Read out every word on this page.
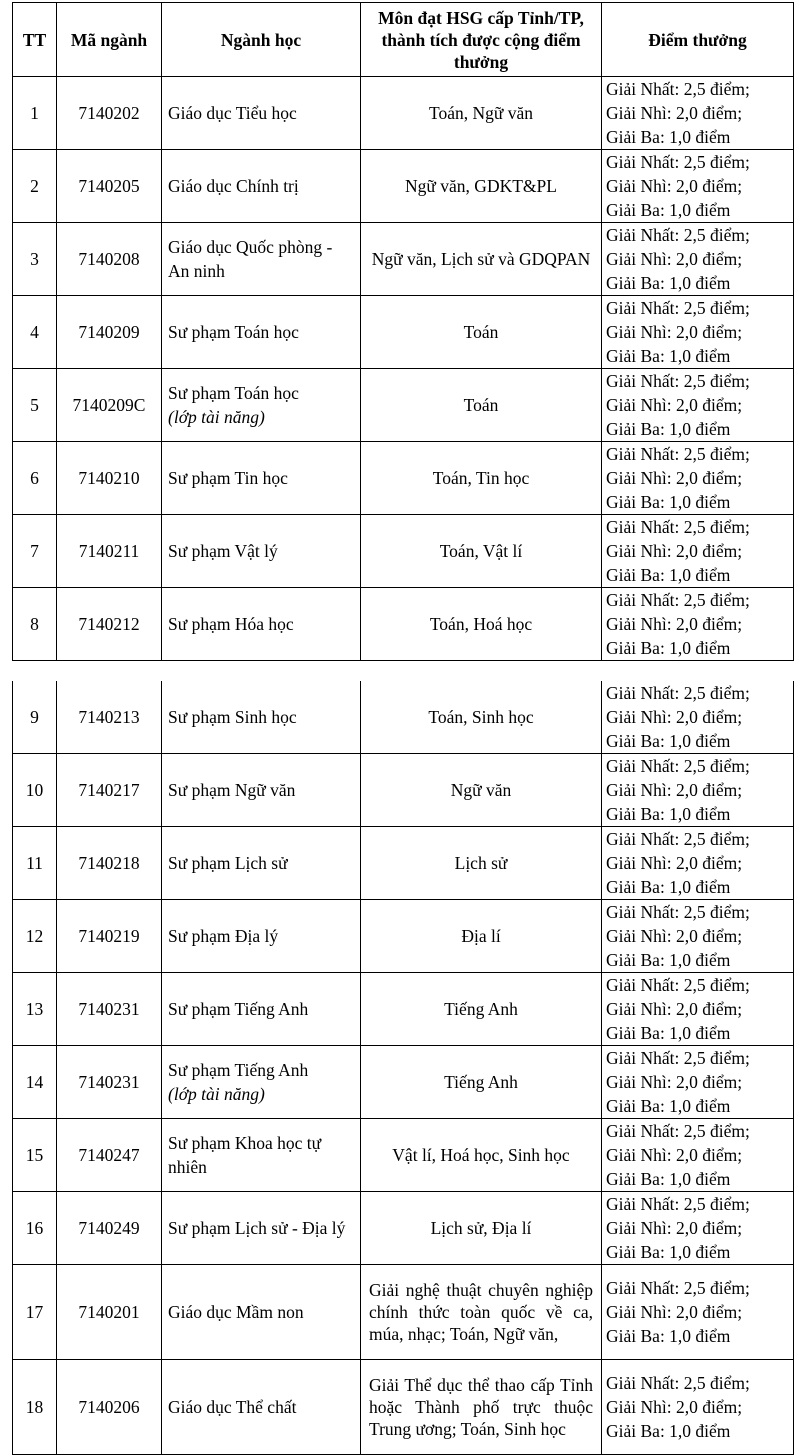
TT	Mã ngành	Ngành học	Môn đạt HSG cấp Tỉnh/TP, thành tích được cộng điểm thưởng	Điểm thưởng
1	7140202	Giáo dục Tiểu học	Toán, Ngữ văn	Giải Nhất: 2,5 điểm;
Giải Nhì: 2,0 điểm;
Giải Ba: 1,0 điểm

2	7140205	Giáo dục Chính trị	Ngữ văn, GDKT&PL	Giải Nhất: 2,5 điểm;
Giải Nhì: 2,0 điểm;
Giải Ba: 1,0 điểm

3	7140208	Giáo dục Quốc phòng - An ninh	Ngữ văn, Lịch sử và GDQPAN	Giải Nhất: 2,5 điểm;
Giải Nhì: 2,0 điểm;
Giải Ba: 1,0 điểm

4	7140209	Sư phạm Toán học	Toán	Giải Nhất: 2,5 điểm;
Giải Nhì: 2,0 điểm;
Giải Ba: 1,0 điểm

5	7140209C	Sư phạm Toán học
(lớp tài năng)	Toán	Giải Nhất: 2,5 điểm;
Giải Nhì: 2,0 điểm;
Giải Ba: 1,0 điểm

6	7140210	Sư phạm Tin học	Toán, Tin học	Giải Nhất: 2,5 điểm;
Giải Nhì: 2,0 điểm;
Giải Ba: 1,0 điểm

7	7140211	Sư phạm Vật lý	Toán, Vật lí	Giải Nhất: 2,5 điểm;
Giải Nhì: 2,0 điểm;
Giải Ba: 1,0 điểm

8	7140212	Sư phạm Hóa học	Toán, Hoá học	Giải Nhất: 2,5 điểm;
Giải Nhì: 2,0 điểm;
Giải Ba: 1,0 điểm
9	7140213	Sư phạm Sinh học	Toán, Sinh học	Giải Nhất: 2,5 điểm;
Giải Nhì: 2,0 điểm;
Giải Ba: 1,0 điểm

10	7140217	Sư phạm Ngữ văn	Ngữ văn	Giải Nhất: 2,5 điểm;
Giải Nhì: 2,0 điểm;
Giải Ba: 1,0 điểm

11	7140218	Sư phạm Lịch sử	Lịch sử	Giải Nhất: 2,5 điểm;
Giải Nhì: 2,0 điểm;
Giải Ba: 1,0 điểm

12	7140219	Sư phạm Địa lý	Địa lí	Giải Nhất: 2,5 điểm;
Giải Nhì: 2,0 điểm;
Giải Ba: 1,0 điểm

13	7140231	Sư phạm Tiếng Anh	Tiếng Anh	Giải Nhất: 2,5 điểm;
Giải Nhì: 2,0 điểm;
Giải Ba: 1,0 điểm

14	7140231	Sư phạm Tiếng Anh
(lớp tài năng)	Tiếng Anh	Giải Nhất: 2,5 điểm;
Giải Nhì: 2,0 điểm;
Giải Ba: 1,0 điểm

15	7140247	Sư phạm Khoa học tự nhiên	Vật lí, Hoá học, Sinh học	Giải Nhất: 2,5 điểm;
Giải Nhì: 2,0 điểm;
Giải Ba: 1,0 điểm

16	7140249	Sư phạm Lịch sử - Địa lý	Lịch sử, Địa lí	Giải Nhất: 2,5 điểm;
Giải Nhì: 2,0 điểm;
Giải Ba: 1,0 điểm

17	7140201	Giáo dục Mầm non	Giải nghệ thuật chuyên nghiệp chính thức toàn quốc về ca, múa, nhạc; Toán, Ngữ văn,	Giải Nhất: 2,5 điểm;
Giải Nhì: 2,0 điểm;
Giải Ba: 1,0 điểm

18	7140206	Giáo dục Thể chất	Giải Thể dục thể thao cấp Tỉnh hoặc Thành phố trực thuộc Trung ương; Toán, Sinh học	Giải Nhất: 2,5 điểm;
Giải Nhì: 2,0 điểm;
Giải Ba: 1,0 điểm
